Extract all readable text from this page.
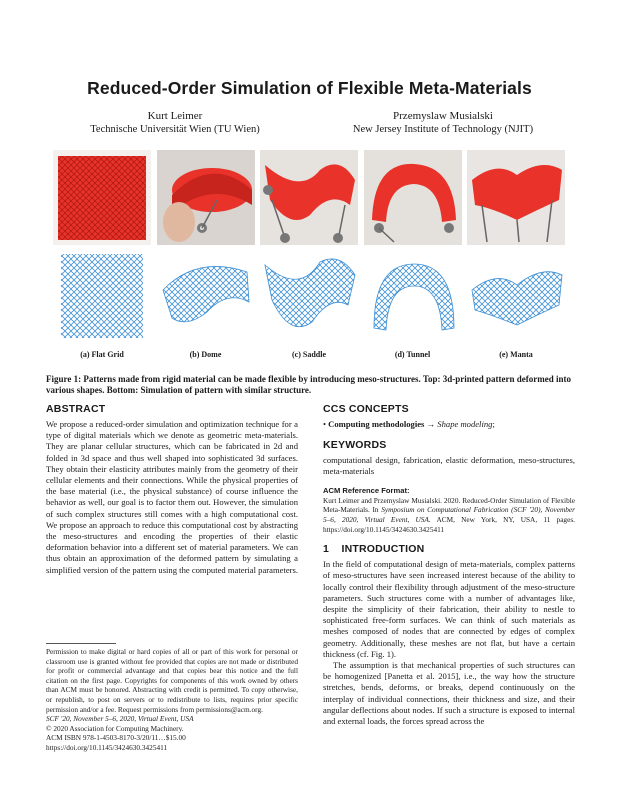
Reduced-Order Simulation of Flexible Meta-Materials
Kurt Leimer
Technische Universität Wien (TU Wien)
Przemyslaw Musialski
New Jersey Institute of Technology (NJIT)
(a) Flat Grid	(b) Dome	(c) Saddle	(d) Tunnel	(e) Manta
Figure 1: Patterns made from rigid material can be made flexible by introducing meso-structures. Top: 3d-printed pattern deformed into various shapes. Bottom: Simulation of pattern with similar structure.
ABSTRACT

We propose a reduced-order simulation and optimization technique for a type of digital materials which we denote as geometric meta-materials. They are planar cellular structures, which can be fabricated in 2d and folded in 3d space and thus well shaped into sophisticated 3d surfaces. They obtain their elasticity attributes mainly from the geometry of their cellular elements and their connections. While the physical properties of the base material (i.e., the physical substance) of course influence the behavior as well, our goal is to factor them out. However, the simulation of such complex structures still comes with a high computational cost. We propose an approach to reduce this computational cost by abstracting the meso-structures and encoding the properties of their elastic deformation behavior into a different set of material parameters. We can thus obtain an approximation of the deformed pattern by simulating a simplified version of the pattern using the computed material parameters.

Permission to make digital or hard copies of all or part of this work for personal or classroom use is granted without fee provided that copies are not made or distributed for profit or commercial advantage and that copies bear this notice and the full citation on the first page. Copyrights for components of this work owned by others than ACM must be honored. Abstracting with credit is permitted. To copy otherwise, or republish, to post on servers or to redistribute to lists, requires prior specific permission and/or a fee. Request permissions from permissions@acm.org.

SCF '20, November 5–6, 2020, Virtual Event, USA

© 2020 Association for Computing Machinery.

ACM ISBN 978-1-4503-8170-3/20/11…$15.00

https://doi.org/10.1145/3424630.3425411

CCS CONCEPTS

• Computing methodologies → Shape modeling;

KEYWORDS

computational design, fabrication, elastic deformation, meso-structures, meta-materials

ACM Reference Format:

Kurt Leimer and Przemyslaw Musialski. 2020. Reduced-Order Simulation of Flexible Meta-Materials. In Symposium on Computational Fabrication (SCF '20), November 5–6, 2020, Virtual Event, USA. ACM, New York, NY, USA, 11 pages. https://doi.org/10.1145/3424630.3425411

1    INTRODUCTION

In the field of computational design of meta-materials, complex patterns of meso-structures have seen increased interest because of the ability to locally control their flexibility through adjustment of the meso-structure parameters. Such structures come with a number of advantages like, despite the simplicity of their fabrication, their ability to nestle to sophisticated free-form surfaces. We can think of such materials as meshes composed of nodes that are connected by edges of complex geometry. Additionally, these meshes are not flat, but have a certain thickness (cf. Fig. 1).

The assumption is that mechanical properties of such structures can be homogenized [Panetta et al. 2015], i.e., the way how the structure stretches, bends, deforms, or breaks, depend continuously on the interplay of individual connections, their thickness and size, and their angular deflections about nodes. If such a structure is exposed to internal and external loads, the forces spread across the
